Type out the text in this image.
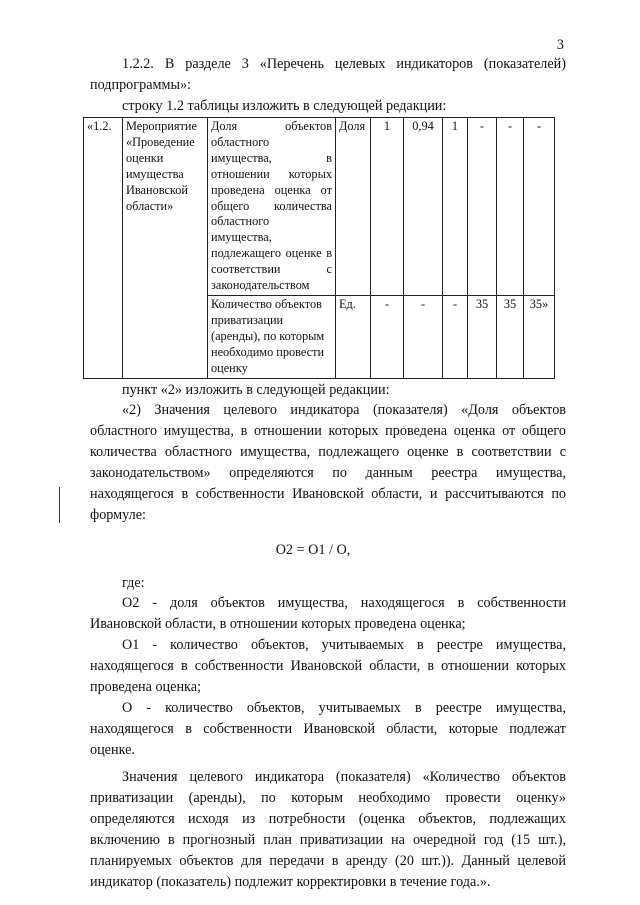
3

1.2.2. В разделе 3 «Перечень целевых индикаторов (показателей) подпрограммы»:

строку 1.2 таблицы изложить в следующей редакции:
«1.2.	Мероприятие «Проведение оценки имущества Ивановской области»	Доля объектов областного имущества, в отношении которых проведена оценка от общего количества областного имущества, подлежащего оценке в соответствии с законодательством	Доля	1	0,94	1	-	-	-
		Количество объектов приватизации (аренды), по которым необходимо провести оценку	Ед.	-	-	-	35	35	35»
пункт «2» изложить в следующей редакции:

«2) Значения целевого индикатора (показателя) «Доля объектов областного имущества, в отношении которых проведена оценка от общего количества областного имущества, подлежащего оценке в соответствии с законодательством» определяются по данным реестра имущества, находящегося в собственности Ивановской области, и рассчитываются по формуле:

O2 = O1 / O,
где:

O2 - доля объектов имущества, находящегося в собственности Ивановской области, в отношении которых проведена оценка;

O1 - количество объектов, учитываемых в реестре имущества, находящегося в собственности Ивановской области, в отношении которых проведена оценка;

O - количество объектов, учитываемых в реестре имущества, находящегося в собственности Ивановской области, которые подлежат оценке.

Значения целевого индикатора (показателя) «Количество объектов приватизации (аренды), по которым необходимо провести оценку» определяются исходя из потребности (оценка объектов, подлежащих включению в прогнозный план приватизации на очередной год (15 шт.), планируемых объектов для передачи в аренду (20 шт.)). Данный целевой индикатор (показатель) подлежит корректировки в течение года.».
